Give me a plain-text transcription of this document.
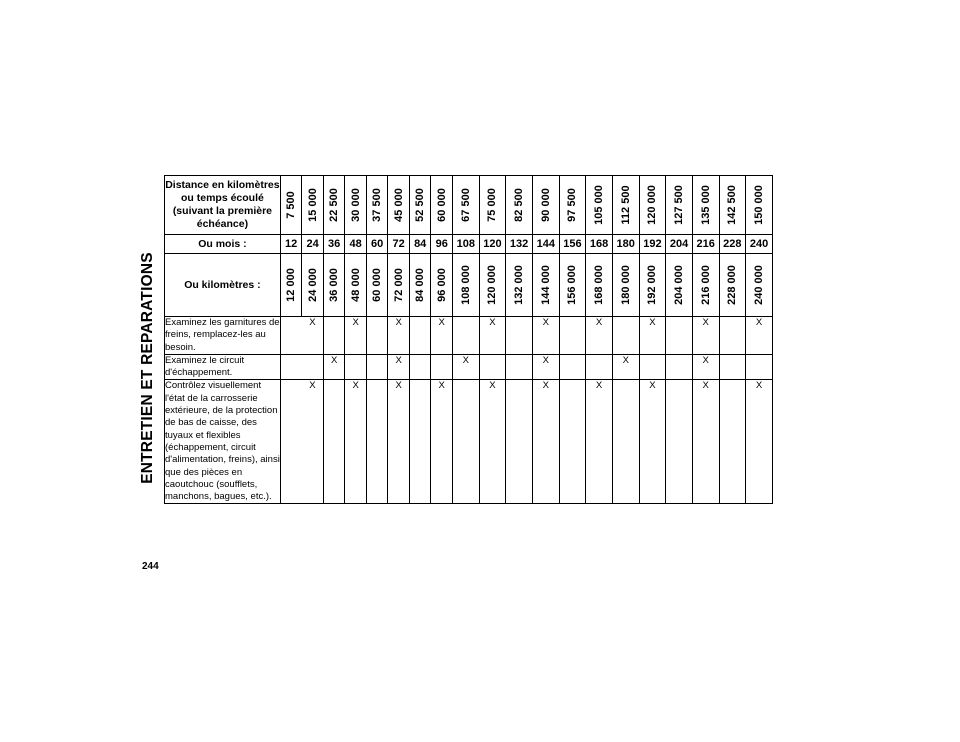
ENTRETIEN ET REPARATIONS
244
Distance en kilomètres ou temps écoulé (suivant la première échéance)	7 500	15 000	22 500	30 000	37 500	45 000	52 500	60 000	67 500	75 000	82 500	90 000	97 500	105 000	112 500	120 000	127 500	135 000	142 500	150 000

Ou mois :	12	24	36	48	60	72	84	96	108	120	132	144	156	168	180	192	204	216	228	240
Ou kilomètres :	12 000	24 000	36 000	48 000	60 000	72 000	84 000	96 000	108 000	120 000	132 000	144 000	156 000	168 000	180 000	192 000	204 000	216 000	228 000	240 000

Examinez les garnitures de freins, remplacez-les au besoin.		X		X		X		X		X		X		X		X		X		X
Examinez le circuit d'échappement.			X			X			X			X			X			X		
Contrôlez visuellement l'état de la carrosserie extérieure, de la protection de bas de caisse, des tuyaux et flexibles (échappement, circuit d'alimentation, freins), ainsi que des pièces en caoutchouc (soufflets, manchons, bagues, etc.).		X		X		X		X		X		X		X		X		X		X
